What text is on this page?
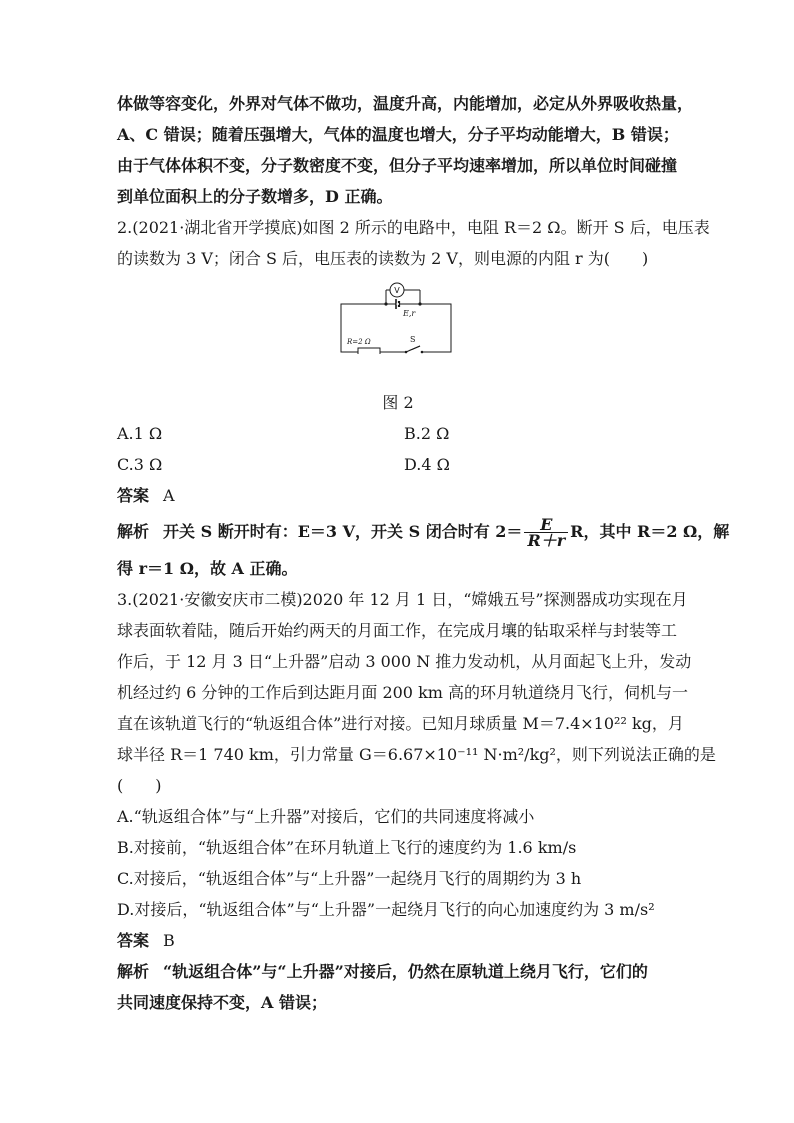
体做等容变化，外界对气体不做功，温度升高，内能增加，必定从外界吸收热量，
A、C 错误；随着压强增大，气体的温度也增大，分子平均动能增大，B 错误；
由于气体体积不变，分子数密度不变，但分子平均速率增加，所以单位时间碰撞
到单位面积上的分子数增多，D 正确。
2.(2021·湖北省开学摸底)如图 2 所示的电路中，电阻 R＝2 Ω。断开 S 后，电压表
的读数为 3 V；闭合 S 后，电压表的读数为 2 V，则电源的内阻 r 为(　　)
V
E,r
R=2 Ω	S
图 2
A.1 Ω	B.2 Ω
C.3 Ω	D.4 Ω
答案 A
解析 开关 S 断开时有：E＝3 V，开关 S 闭合时有 $2= \frac{E}{R+r}$ R，其中 R＝2 Ω，解
得 r＝1 Ω，故 A 正确。
3.(2021·安徽安庆市二模)2020 年 12 月 1 日，“嫦娥五号”探测器成功实现在月
球表面软着陆，随后开始约两天的月面工作，在完成月壤的钻取采样与封装等工
作后，于 12 月 3 日“上升器”启动 3 000 N 推力发动机，从月面起飞上升，发动
机经过约 6 分钟的工作后到达距月面 200 km 高的环月轨道绕月飞行，伺机与一
直在该轨道飞行的“轨返组合体”进行对接。已知月球质量 M＝7.4×10²² kg，月
球半径 R＝1 740 km，引力常量 G＝6.67×10⁻¹¹ N·m²/kg²，则下列说法正确的是
(　　)
A.“轨返组合体”与“上升器”对接后，它们的共同速度将减小
B.对接前，“轨返组合体”在环月轨道上飞行的速度约为 1.6 km/s
C.对接后，“轨返组合体”与“上升器”一起绕月飞行的周期约为 3 h
D.对接后，“轨返组合体”与“上升器”一起绕月飞行的向心加速度约为 3 m/s²
答案 B
解析 “轨返组合体”与“上升器”对接后，仍然在原轨道上绕月飞行，它们的
共同速度保持不变，A 错误；
